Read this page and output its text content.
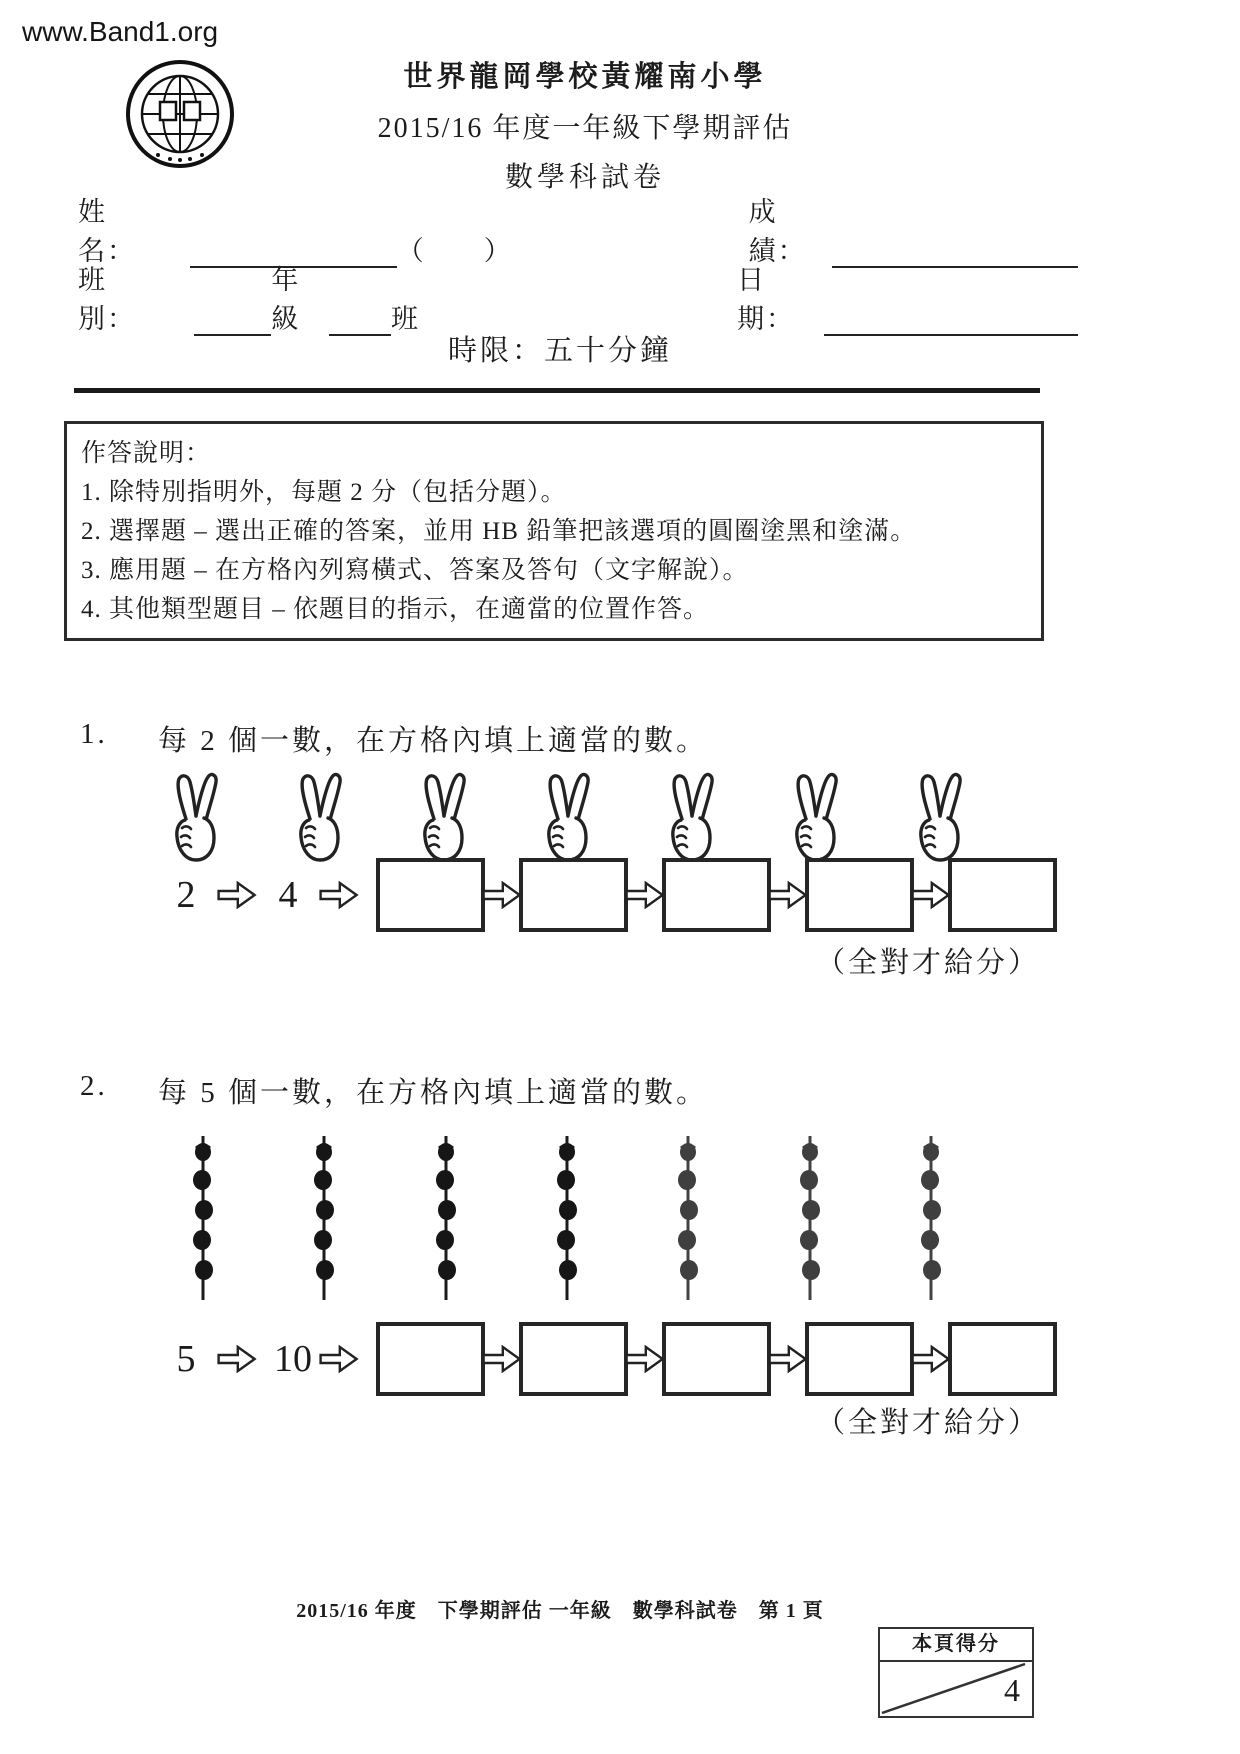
www.Band1.org
世界龍岡學校黃耀南小學
2015/16 年度一年級下學期評估
數學科試卷
姓　名：	（　　）
成績：
班　別：
年級	班
日期：
時限：五十分鐘
作答說明：
1. 除特別指明外，每題 2 分（包括分題）。
2. 選擇題 – 選出正確的答案，並用 HB 鉛筆把該選項的圓圈塗黑和塗滿。
3. 應用題 – 在方格內列寫橫式、答案及答句（文字解說）。
4. 其他類型題目 – 依題目的指示，在適當的位置作答。
1.	每 2 個一數，在方格內填上適當的數。
2 4
（全對才給分）
2.	每 5 個一數，在方格內填上適當的數。
5 10
（全對才給分）
2015/16 年度　下學期評估 一年級　數學科試卷　第 1 頁
本頁得分
4
